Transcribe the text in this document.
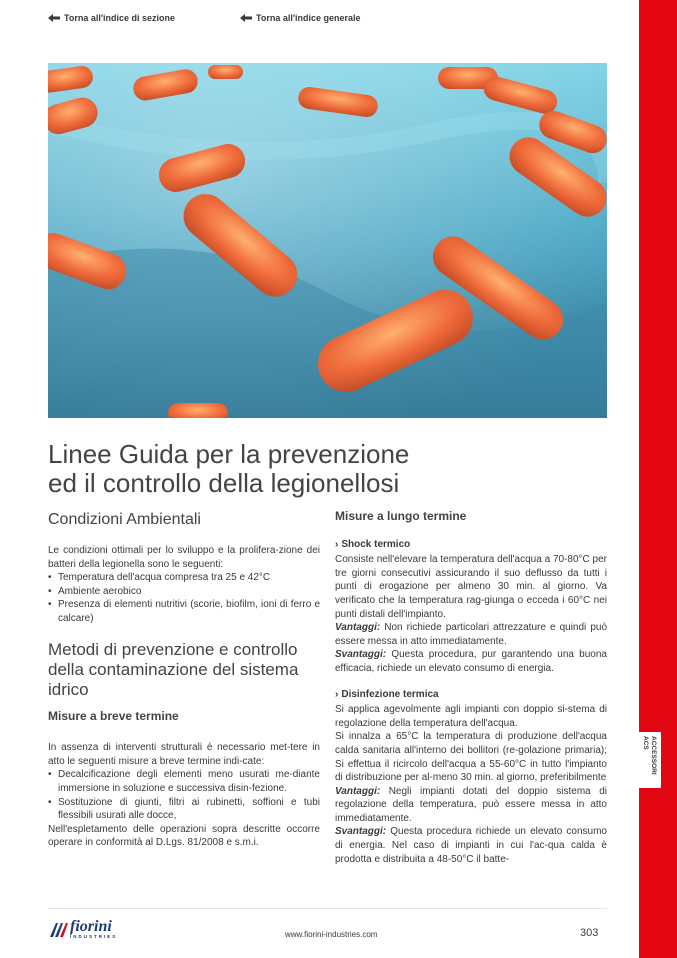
Torna all'indice di sezione	Torna all'indice generale
ACCESSORI
ACS
Linee Guida per la prevenzione
ed il controllo della legionellosi
Condizioni Ambientali

Le condizioni ottimali per lo sviluppo e la prolifera-zione dei batteri della legionella sono le seguenti:

• Temperatura dell'acqua compresa tra 25 e 42°C
• Ambiente aerobico
• Presenza di elementi nutritivi (scorie, biofilm, ioni di ferro e calcare)
Metodi di prevenzione e controllo della contaminazione del sistema idrico
Misure a breve termine

In assenza di interventi strutturali è necessario met-tere in atto le seguenti misure a breve termine indi-cate:

• Decalcificazione degli elementi meno usurati me-diante immersione in soluzione e successiva disin-fezione.
• Sostituzione di giunti, filtri ai rubinetti, soffioni e tubi flessibili usurati alle docce,

Nell'espletamento delle operazioni sopra descritte occorre operare in conformità al D.Lgs. 81/2008 e s.m.i.

Misure a lungo termine
› Shock termico

Consiste nell'elevare la temperatura dell'acqua a 70-80°C per tre giorni consecutivi assicurando il suo deflusso da tutti i punti di erogazione per almeno 30 min. al giorno. Va verificato che la temperatura rag-giunga o ecceda i 60°C nei punti distali dell'impianto.

Vantaggi: Non richiede particolari attrezzature e quindi può essere messa in atto immediatamente.

Svantaggi: Questa procedura, pur garantendo una buona efficacia, richiede un elevato consumo di energia.

› Disinfezione termica

Si applica agevolmente agli impianti con doppio si-stema di regolazione della temperatura dell'acqua.

Si innalza a 65°C la temperatura di produzione dell'acqua calda sanitaria all'interno dei bollitori (re-golazione primaria); Si effettua il ricircolo dell'acqua a 55-60°C in tutto l'impianto di distribuzione per al-meno 30 min. al giorno, preferibilmente

Vantaggi: Negli impianti dotati del doppio sistema di regolazione della temperatura, può essere messa in atto immediatamente.

Svantaggi: Questa procedura richiede un elevato consumo di energia. Nel caso di impianti in cui l'ac-qua calda è prodotta e distribuita a 48-50°C il batte-

fiorini
INDUSTRIES	www.fiorini-industries.com	303
